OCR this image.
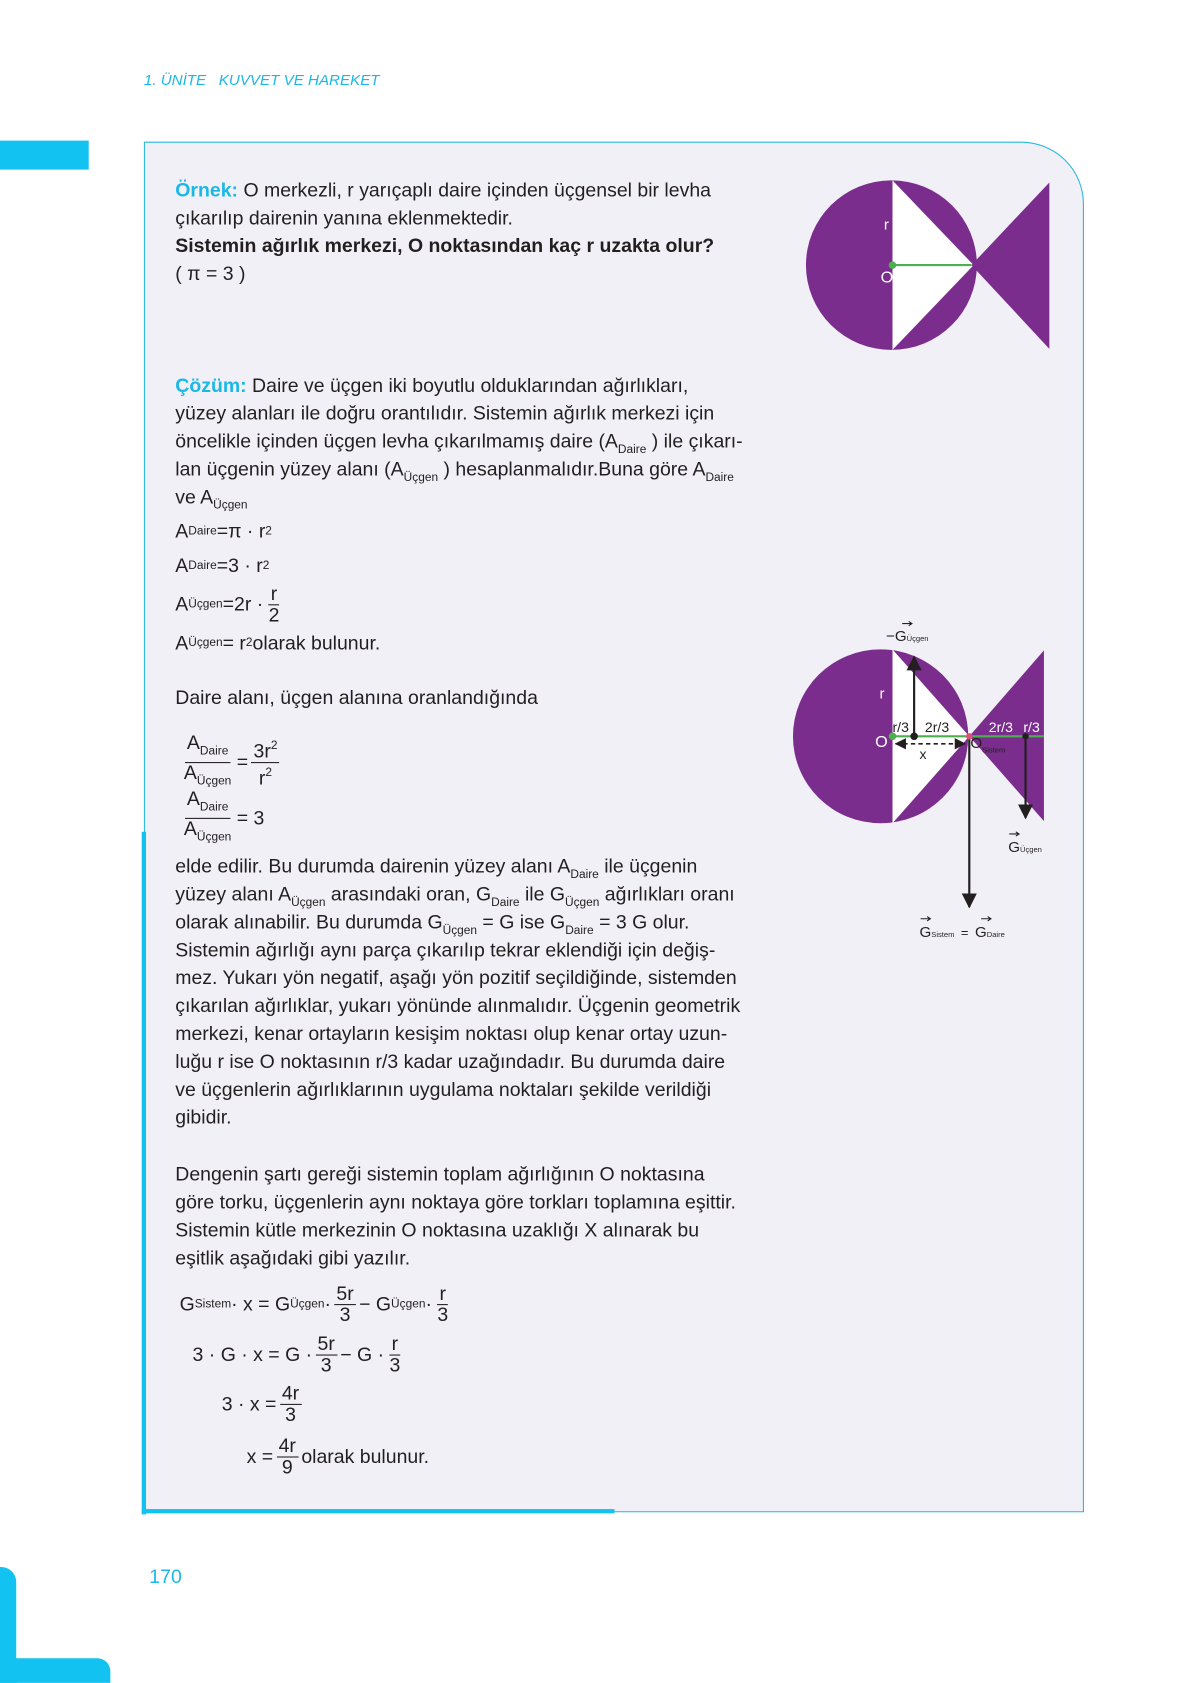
1. ÜNİTE KUVVET VE HAREKET
Örnek: O merkezli, r yarıçaplı daire içinden üçgensel bir levha
çıkarılıp dairenin yanına eklenmektedir.
Sistemin ağırlık merkezi, O noktasından kaç r uzakta olur?
( π = 3 )
Çözüm: Daire ve üçgen iki boyutlu olduklarından ağırlıkları,
yüzey alanları ile doğru orantılıdır. Sistemin ağırlık merkezi için
öncelikle içinden üçgen levha çıkarılmamış daire ($A_{Daire}$ ) ile çıkarı-
lan üçgenin yüzey alanı ($A_{Üçgen}$ ) hesaplanmalıdır.Buna göre $A_{Daire}$
ve $A_{Üçgen}$
A Daire = π · r 2
A Daire = 3 · r 2
A Üçgen = $2r \cdot \frac{r}{2}$
A Üçgen = r 2 olarak bulunur.
Daire alanı, üçgen alanına oranlandığında
$\frac{A_{Daire}}{A_{Üçgen}} = \frac{3r^2}{r^2}$
$\frac{A_{Daire}}{A_{Üçgen}} = 3$
elde edilir. Bu durumda dairenin yüzey alanı $A_{Daire}$ ile üçgenin
yüzey alanı $A_{Üçgen}$ arasındaki oran, $G_{Daire}$ ile $G_{Üçgen}$ ağırlıkları oranı
olarak alınabilir. Bu durumda $G_{Üçgen} = G$ ise $G_{Daire} = 3$ G olur.
Sistemin ağırlığı aynı parça çıkarılıp tekrar eklendiği için değiş-
mez. Yukarı yön negatif, aşağı yön pozitif seçildiğinde, sistemden
çıkarılan ağırlıklar, yukarı yönünde alınmalıdır. Üçgenin geometrik
merkezi, kenar ortayların kesişim noktası olup kenar ortay uzun-
luğu r ise O noktasının r/3 kadar uzağındadır. Bu durumda daire
ve üçgenlerin ağırlıklarının uygulama noktaları şekilde verildiği
gibidir.
Dengenin şartı gereği sistemin toplam ağırlığının O noktasına
göre torku, üçgenlerin aynı noktaya göre torkları toplamına eşittir.
Sistemin kütle merkezinin O noktasına uzaklığı X alınarak bu
eşitlik aşağıdaki gibi yazılır.
G Sistem · x = G Üçgen · $\frac{5r}{3} - G$ Üçgen · $\frac{r}{3}$
$3 \cdot G \cdot x = G \cdot \frac{5r}{3} - G \cdot \frac{r}{3}$
$3 \cdot x = \frac{4r}{3}$
$x = \frac{4r}{9}$ olarak bulunur.
r
O
r
O
r/3 2r/3	2r/3 r/3
x
$O_{Sistem}$
−GÜçgen
GÜçgen
GSistem = GDaire
170
